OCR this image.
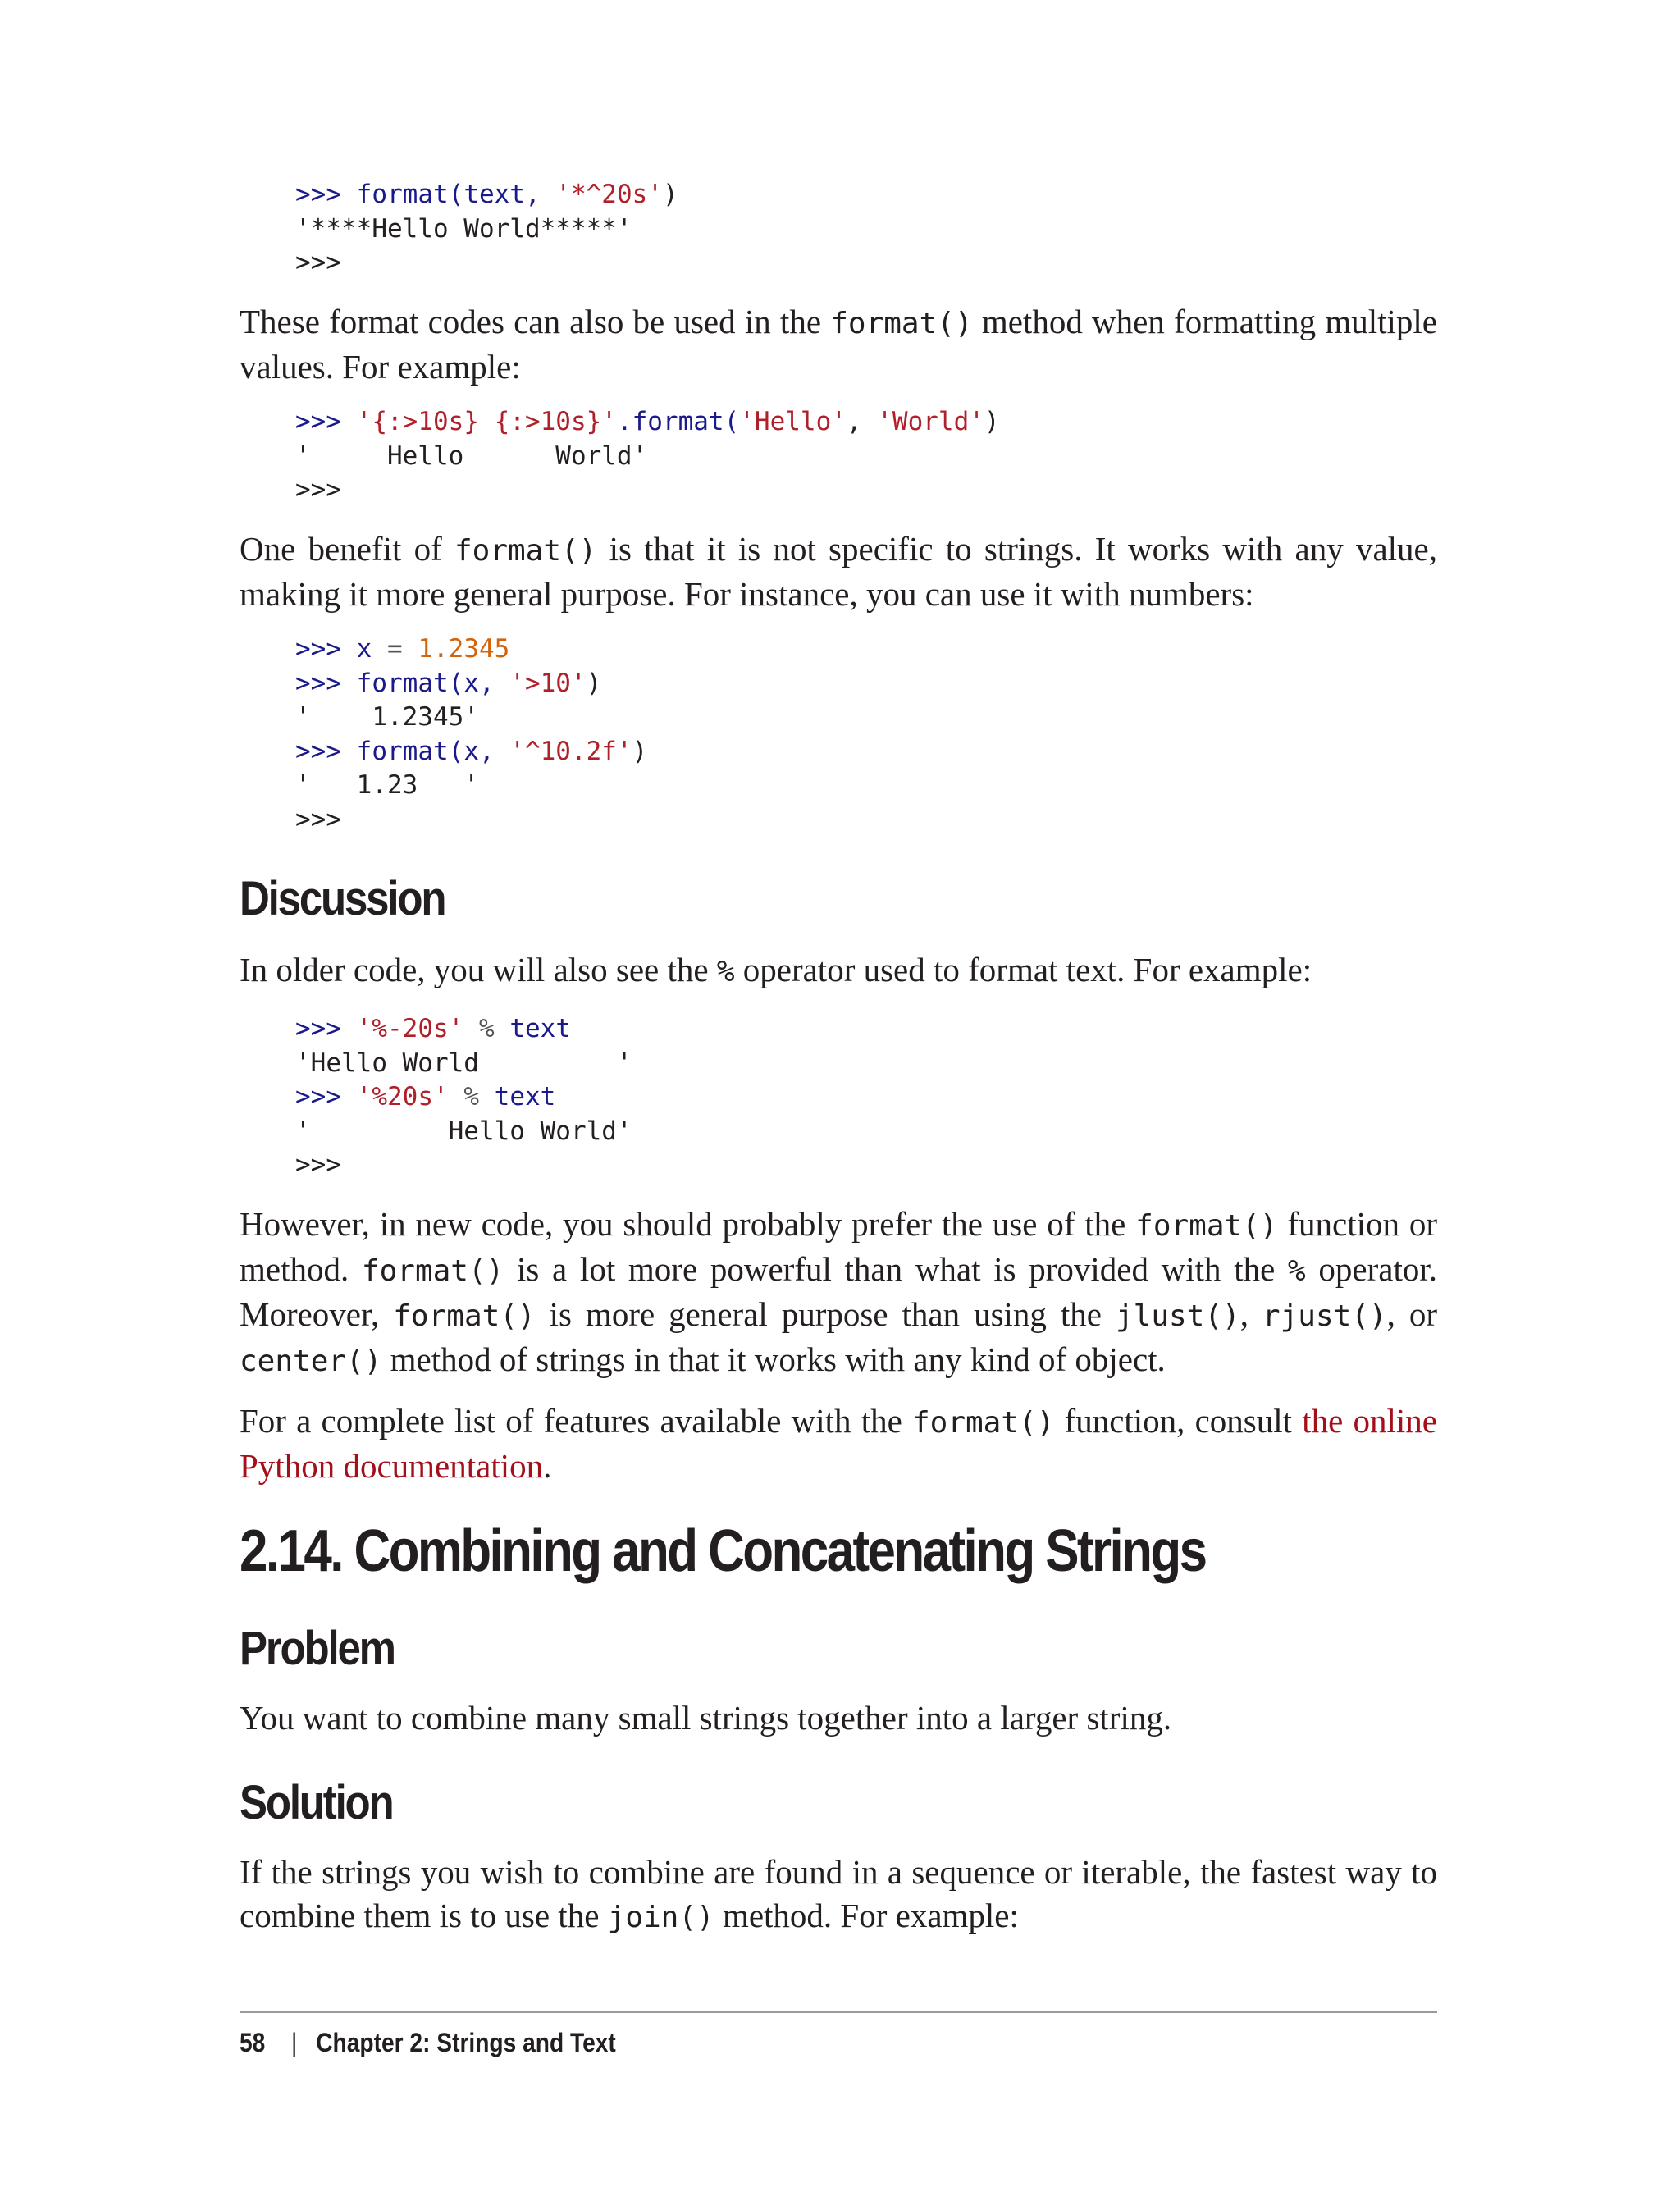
>>> format(text, '*^20s')
'****Hello World*****'
>>>

These format codes can also be used in the format() method when formatting multiple values. For example:

>>> '{:>10s} {:>10s}'.format('Hello', 'World')
'     Hello      World'
>>>

One benefit of format() is that it is not specific to strings. It works with any value, making it more general purpose. For instance, you can use it with numbers:

>>> x = 1.2345
>>> format(x, '>10')
'    1.2345'
>>> format(x, '^10.2f')
'   1.23   '
>>>
Discussion

In older code, you will also see the % operator used to format text. For example:

>>> '%-20s' % text
'Hello World         '
>>> '%20s' % text
'         Hello World'
>>>

However, in new code, you should probably prefer the use of the format() function or method. format() is a lot more powerful than what is provided with the % operator. Moreover, format() is more general purpose than using the jlust(), rjust(), or center() method of strings in that it works with any kind of object.

For a complete list of features available with the format() function, consult the online Python documentation.

2.14. Combining and Concatenating Strings
Problem

You want to combine many small strings together into a larger string.

Solution

If the strings you wish to combine are found in a sequence or iterable, the fastest way to combine them is to use the join() method. For example:

58 | Chapter 2: Strings and Text
